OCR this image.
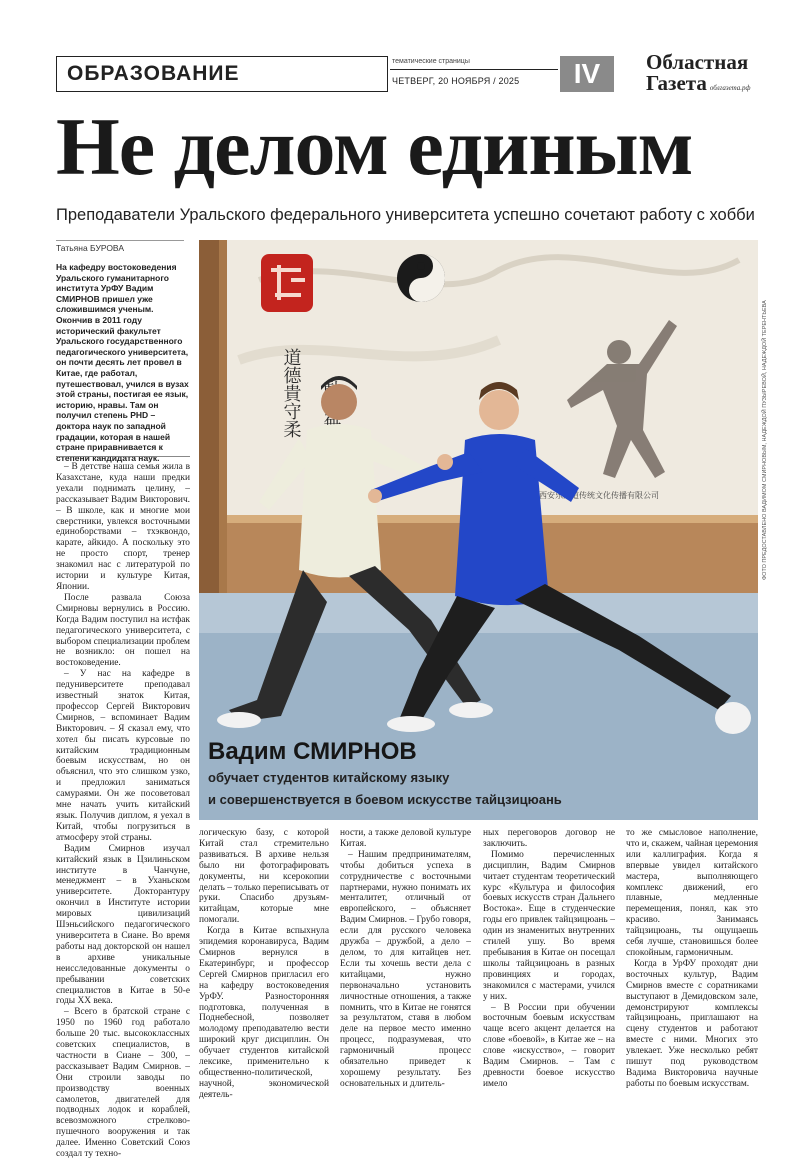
ОБРАЗОВАНИЕ
тематические страницы
ЧЕТВЕРГ, 20 НОЯБРЯ / 2025	IV	Областная
Газета облгазета.рф
Не делом единым
Преподаватели Уральского федерального университета успешно сочетают работу с хобби
Татьяна БУРОВА
На кафедру востоковедения Уральского гуманитарного института УрФУ Вадим СМИРНОВ пришел уже сложившимся ученым. Окончив в 2011 году исторический факультет Уральского государственного педагогического университета, он почти десять лет провел в Китае, где работал, путешествовал, учился в вузах этой страны, постигая ее язык, историю, нравы. Там он получил степень PHD – доктора наук по западной градации, которая в нашей стране приравнивается к степени кандидата наук.

– В детстве наша семья жила в Казахстане, куда наши предки уехали поднимать целину, – рассказывает Вадим Викторович. – В школе, как и многие мои сверстники, увлекся восточными единоборствами – тхэквондо, карате, айкидо. А поскольку это не просто спорт, тренер знакомил нас с литературой по истории и культуре Китая, Японии.

После развала Союза Смирновы вернулись в Россию. Когда Вадим поступил на истфак педагогического университета, с выбором специализации проблем не возникло: он пошел на востоковедение.

– У нас на кафедре в педуниверситете преподавал известный знаток Китая, профессор Сергей Викторович Смирнов, – вспоминает Вадим Викторович. – Я сказал ему, что хотел бы писать курсовые по китайским традиционным боевым искусствам, но он объяснил, что это слишком узко, и предложил заниматься самураями. Он же посоветовал мне начать учить китайский язык. Получив диплом, я уехал в Китай, чтобы погрузиться в атмосферу этой страны.

Вадим Смирнов изучал китайский язык в Цзилиньском институте в Чанчуне, менеджмент – в Уханьском университете. Докторантуру окончил в Институте истории мировых цивилизаций Шэньсийского педагогического университета в Сиане. Во время работы над докторской он нашел в архиве уникальные неисследованные документы о пребывании советских специалистов в Китае в 50-е годы XX века.

– Всего в братской стране с 1950 по 1960 год работало больше 20 тыс. высококлассных советских специалистов, в частности в Сиане – 300, – рассказывает Вадим Смирнов. – Они строили заводы по производству военных самолетов, двигателей для подводных лодок и кораблей, всевозможного стрелково-пушечного вооружения и так далее. Именно Советский Союз создал ту техно-

道德貴守柔
西安乐阁道传统文化传播有限公司
Вадим СМИРНОВ
обучает студентов китайскому языку
и совершенствуется в боевом искусстве тайцзицюань
ФОТО ПРЕДОСТАВЛЕНО ВАДИМОМ СМИРНОВЫМ, НАДЕЖДОЙ ПУЗЫРЕВОЙ, НАДЕЖДОЙ ТЕРЕНТЬЕВА

логическую базу, с которой Китай стал стремительно развиваться. В архиве нельзя было ни фотографировать документы, ни ксерокопии делать – только переписывать от руки. Спасибо друзьям-китайцам, которые мне помогали.

Когда в Китае вспыхнула эпидемия коронавируса, Вадим Смирнов вернулся в Екатеринбург, и профессор Сергей Смирнов пригласил его на кафедру востоковедения УрФУ. Разносторонняя подготовка, полученная в Поднебесной, позволяет молодому преподавателю вести широкий круг дисциплин. Он обучает студентов китайской лексике, применительно к общественно-политической, научной, экономической деятель-

ности, а также деловой культуре Китая.

– Нашим предпринимателям, чтобы добиться успеха в сотрудничестве с восточными партнерами, нужно понимать их менталитет, отличный от европейского, – объясняет Вадим Смирнов. – Грубо говоря, если для русского человека дружба – дружбой, а дело – делом, то для китайцев нет. Если ты хочешь вести дела с китайцами, нужно первоначально установить личностные отношения, а также помнить, что в Китае не гонятся за результатом, ставя в любом деле на первое место именно процесс, подразумевая, что гармоничный процесс обязательно приведет к хорошему результату. Без основательных и длитель-

ных переговоров договор не заключить.

Помимо перечисленных дисциплин, Вадим Смирнов читает студентам теоретический курс «Культура и философия боевых искусств стран Дальнего Востока». Еще в студенческие годы его привлек тайцзицюань – один из знаменитых внутренних стилей ушу. Во время пребывания в Китае он посещал школы тайцзицюань в разных провинциях и городах, знакомился с мастерами, учился у них.

– В России при обучении восточным боевым искусствам чаще всего акцент делается на слове «боевой», в Китае же – на слове «искусство», – говорит Вадим Смирнов. – Там с древности боевое искусство имело

то же смысловое наполнение, что и, скажем, чайная церемония или каллиграфия. Когда я впервые увидел китайского мастера, выполняющего комплекс движений, его плавные, медленные перемещения, понял, как это красиво. Занимаясь тайцзицюань, ты ощущаешь себя лучше, становишься более спокойным, гармоничным.

Когда в УрФУ проходят дни восточных культур, Вадим Смирнов вместе с соратниками выступают в Демидовском зале, демонстрируют комплексы тайцзицюань, приглашают на сцену студентов и работают вместе с ними. Многих это увлекает. Уже несколько ребят пишут под руководством Вадима Викторовича научные работы по боевым искусствам.
